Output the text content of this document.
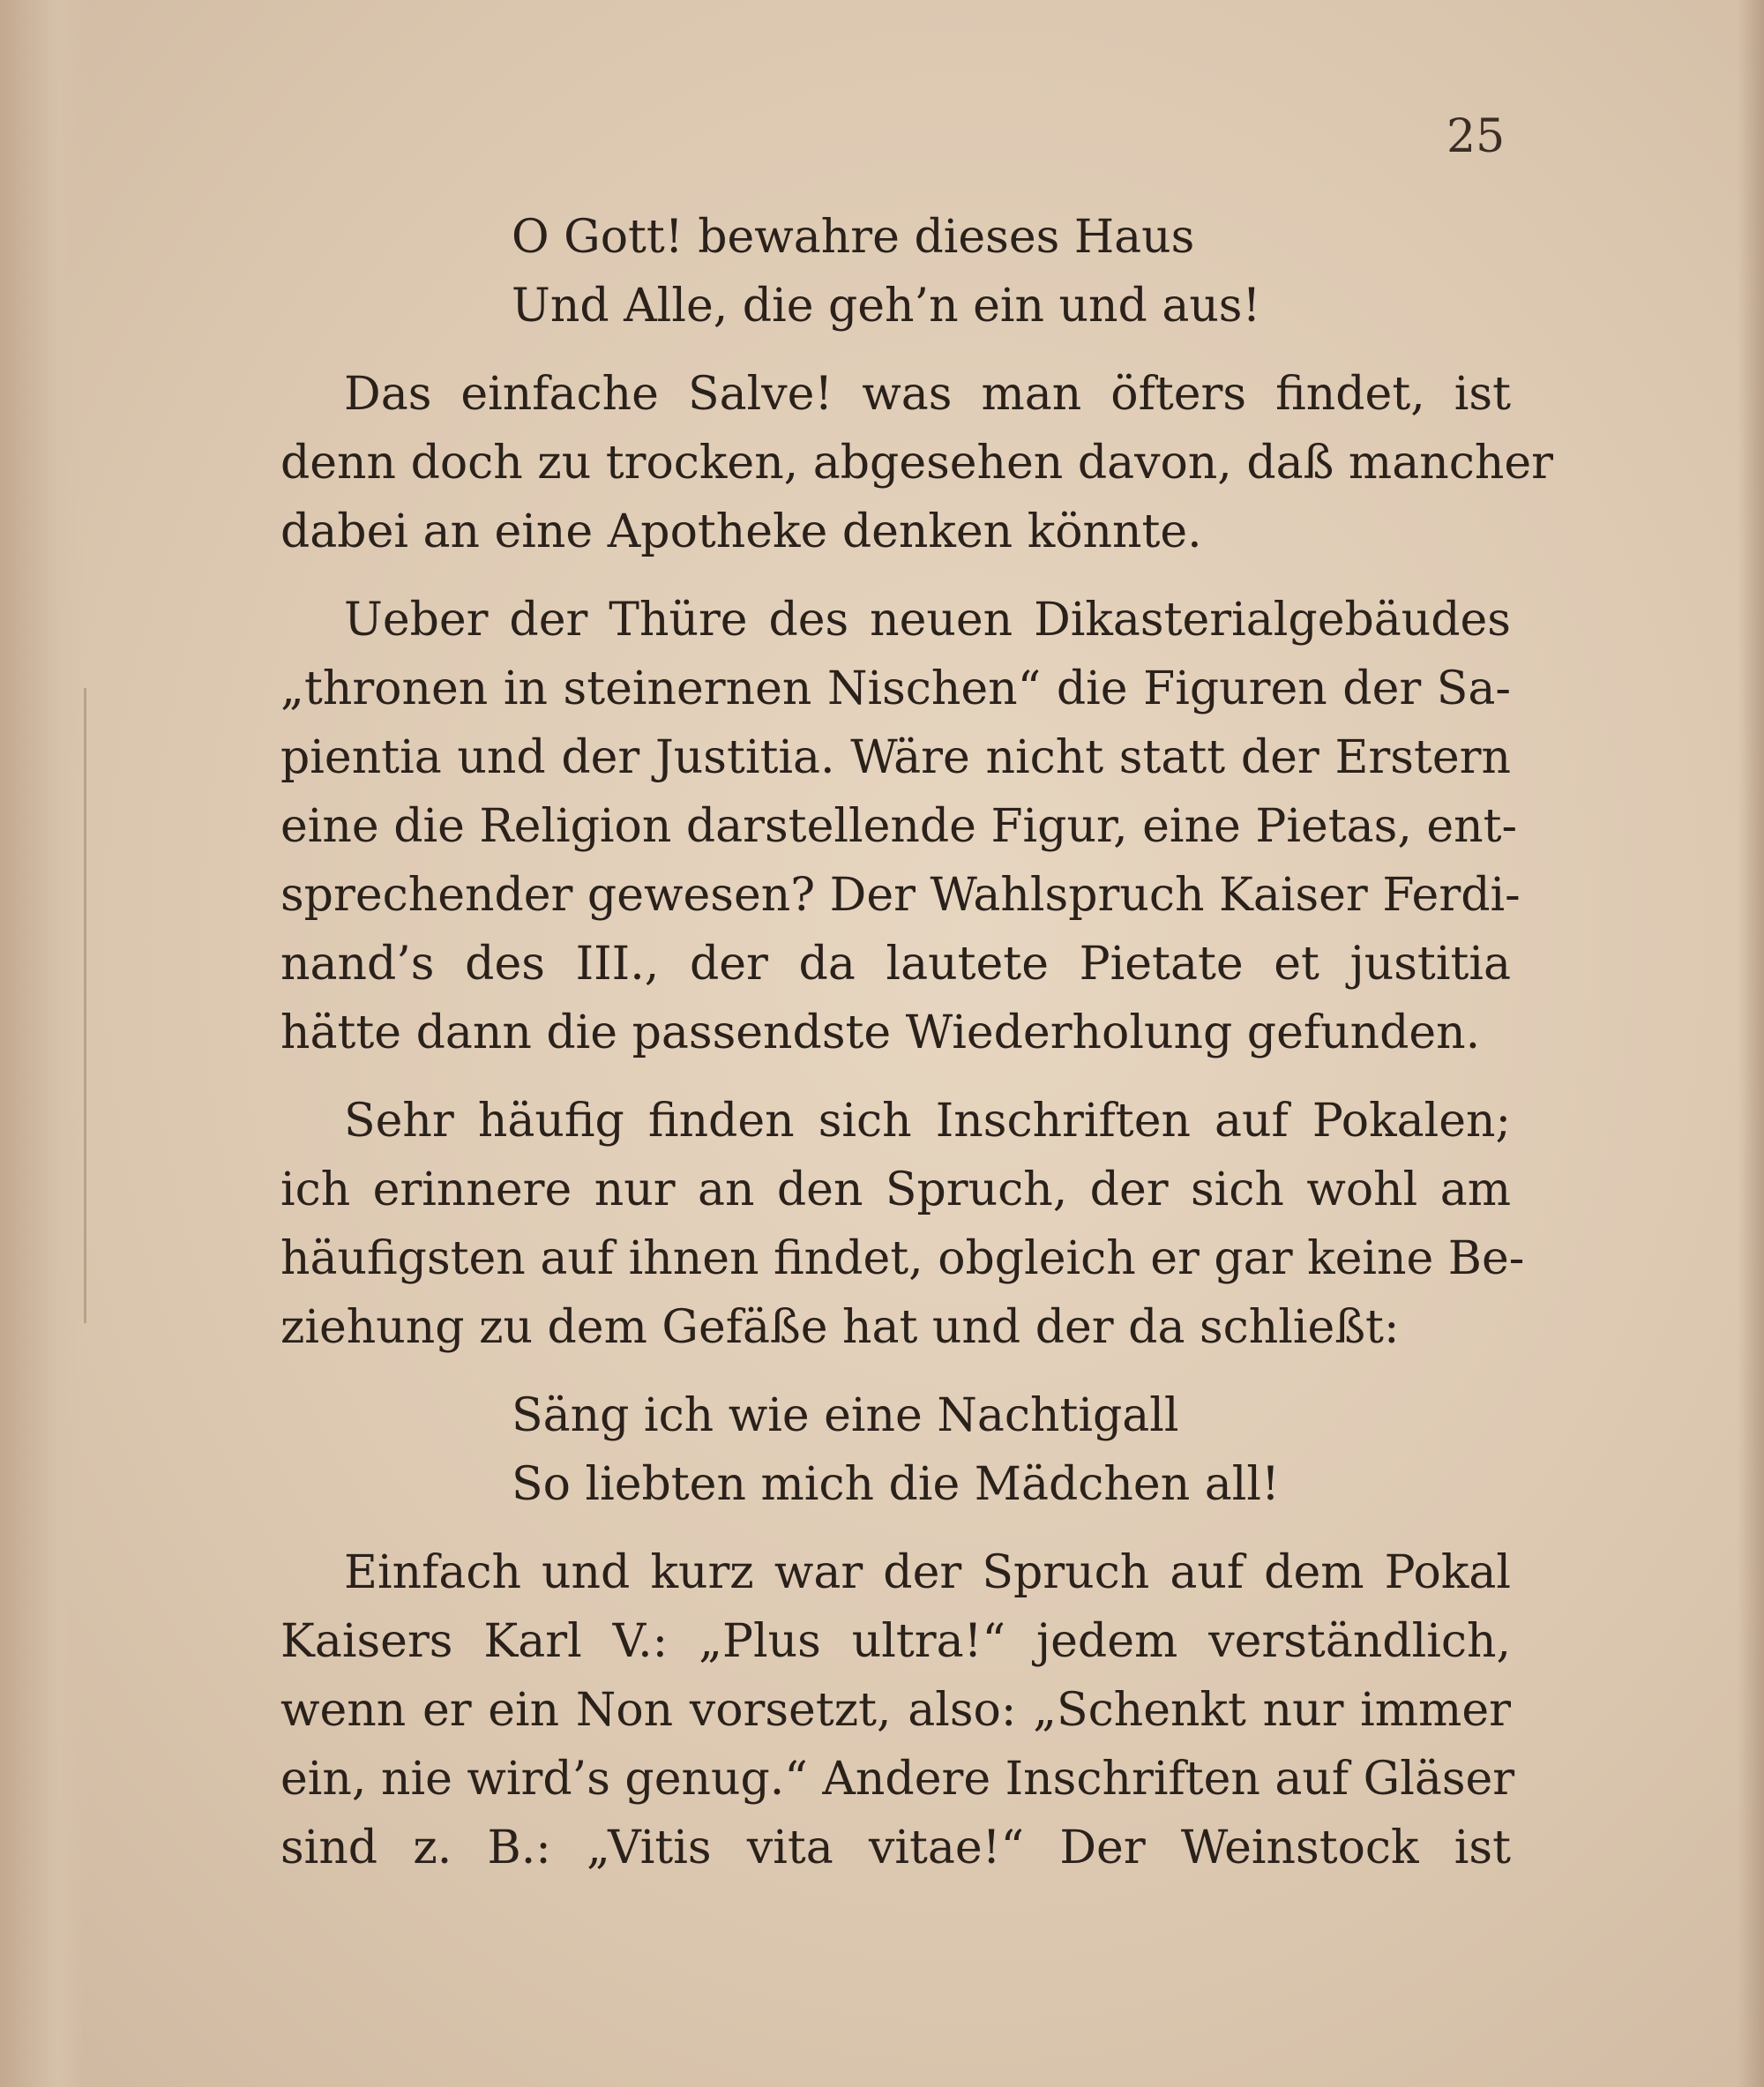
25
O Gott! bewahre dieses Haus
Und Alle, die geh’n ein und aus!
Das einfache Salve! was man öfters findet, ist
denn doch zu trocken, abgesehen davon, daß mancher
dabei an eine Apotheke denken könnte.
Ueber der Thüre des neuen Dikasterialgebäudes
„thronen in steinernen Nischen“ die Figuren der Sa-
pientia und der Justitia. Wäre nicht statt der Erstern
eine die Religion darstellende Figur, eine Pietas, ent-
sprechender gewesen? Der Wahlspruch Kaiser Ferdi-
nand’s des III., der da lautete Pietate et justitia
hätte dann die passendste Wiederholung gefunden.
Sehr häufig finden sich Inschriften auf Pokalen;
ich erinnere nur an den Spruch, der sich wohl am
häufigsten auf ihnen findet, obgleich er gar keine Be-
ziehung zu dem Gefäße hat und der da schließt:
Säng ich wie eine Nachtigall
So liebten mich die Mädchen all!
Einfach und kurz war der Spruch auf dem Pokal
Kaisers Karl V.: „Plus ultra!“ jedem verständlich,
wenn er ein Non vorsetzt, also: „Schenkt nur immer
ein, nie wird’s genug.“ Andere Inschriften auf Gläser
sind z. B.: „Vitis vita vitae!“ Der Weinstock ist
